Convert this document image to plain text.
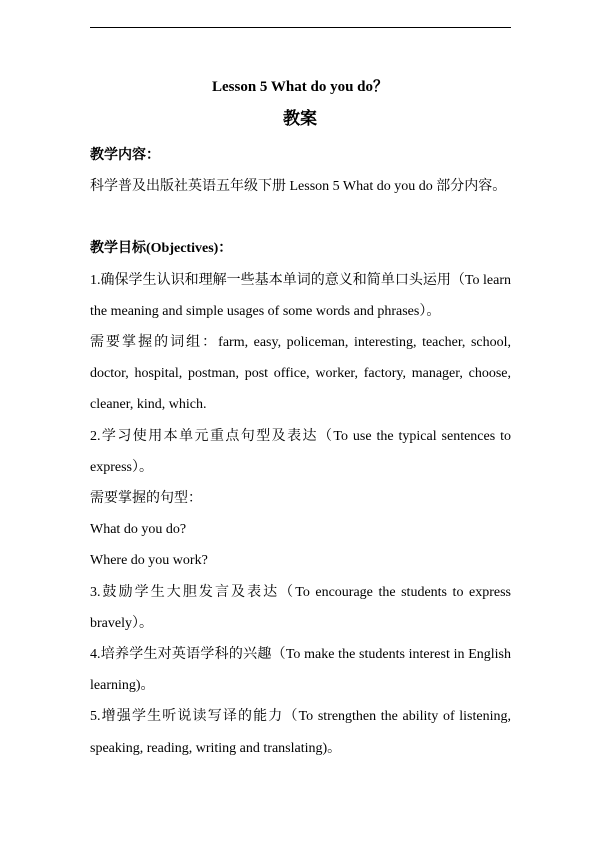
Lesson 5 What do you do？
教案

教学内容：

科学普及出版社英语五年级下册 Lesson 5 What do you do 部分内容。

教学目标(Objectives)：

1.确保学生认识和理解一些基本单词的意义和简单口头运用（To learn the meaning and simple usages of some words and phrases）。

需要掌握的词组：farm, easy, policeman, interesting, teacher, school, doctor, hospital, postman, post office, worker, factory, manager, choose, cleaner, kind, which.

2.学习使用本单元重点句型及表达（To use the typical sentences to express）。

需要掌握的句型：

What do you do?

Where do you work?

3.鼓励学生大胆发言及表达（To encourage the students to express bravely）。

4.培养学生对英语学科的兴趣（To make the students interest in English learning)。

5.增强学生听说读写译的能力（To strengthen the ability of listening, speaking, reading, writing and translating)。
